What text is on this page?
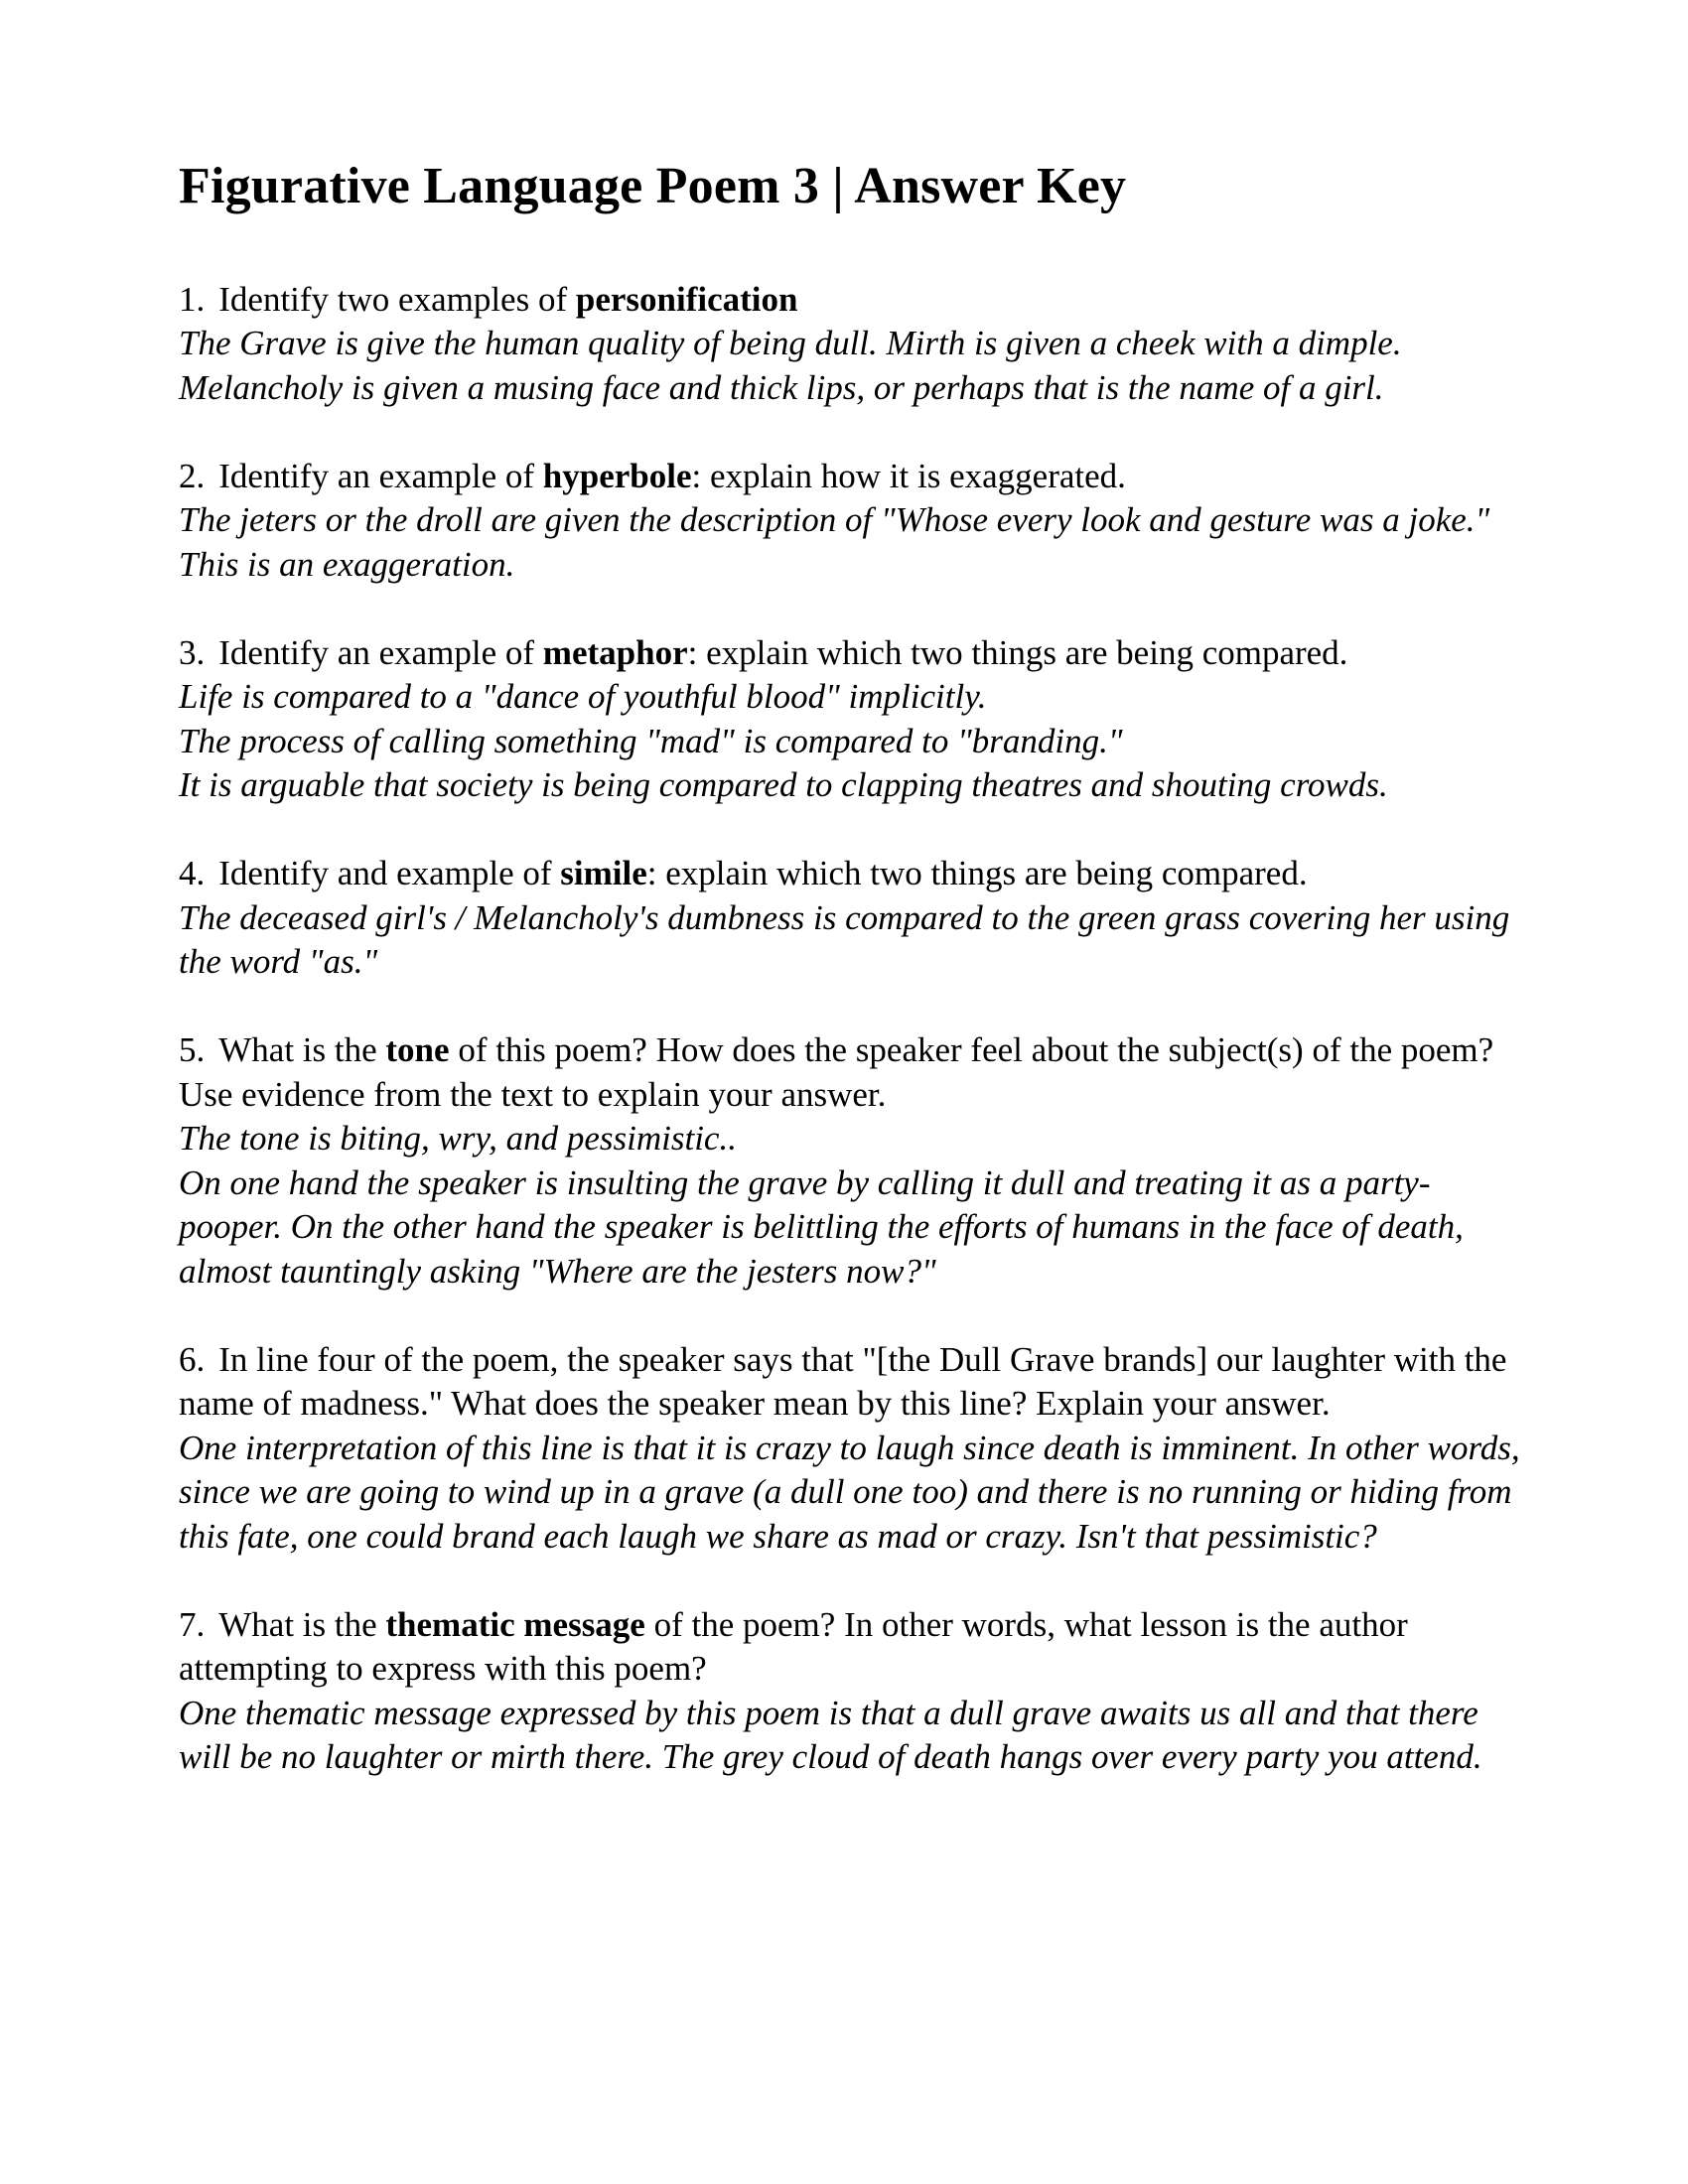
Figurative Language Poem 3 | Answer Key

1. Identify two examples of personification

The Grave is give the human quality of being dull. Mirth is given a cheek with a dimple. Melancholy is given a musing face and thick lips, or perhaps that is the name of a girl.

2. Identify an example of hyperbole: explain how it is exaggerated.

The jeters or the droll are given the description of "Whose every look and gesture was a joke." This is an exaggeration.

3. Identify an example of metaphor: explain which two things are being compared.

Life is compared to a "dance of youthful blood" implicitly.

The process of calling something "mad" is compared to "branding."

It is arguable that society is being compared to clapping theatres and shouting crowds.

4. Identify and example of simile: explain which two things are being compared.

The deceased girl's / Melancholy's dumbness is compared to the green grass covering her using the word "as."

5. What is the tone of this poem? How does the speaker feel about the subject(s) of the poem? Use evidence from the text to explain your answer.

The tone is biting, wry, and pessimistic..

On one hand the speaker is insulting the grave by calling it dull and treating it as a party-pooper. On the other hand the speaker is belittling the efforts of humans in the face of death, almost tauntingly asking "Where are the jesters now?"

6. In line four of the poem, the speaker says that "[the Dull Grave brands] our laughter with the name of madness." What does the speaker mean by this line? Explain your answer.

One interpretation of this line is that it is crazy to laugh since death is imminent. In other words, since we are going to wind up in a grave (a dull one too) and there is no running or hiding from this fate, one could brand each laugh we share as mad or crazy. Isn't that pessimistic?

7. What is the thematic message of the poem? In other words, what lesson is the author attempting to express with this poem?

One thematic message expressed by this poem is that a dull grave awaits us all and that there will be no laughter or mirth there. The grey cloud of death hangs over every party you attend.
